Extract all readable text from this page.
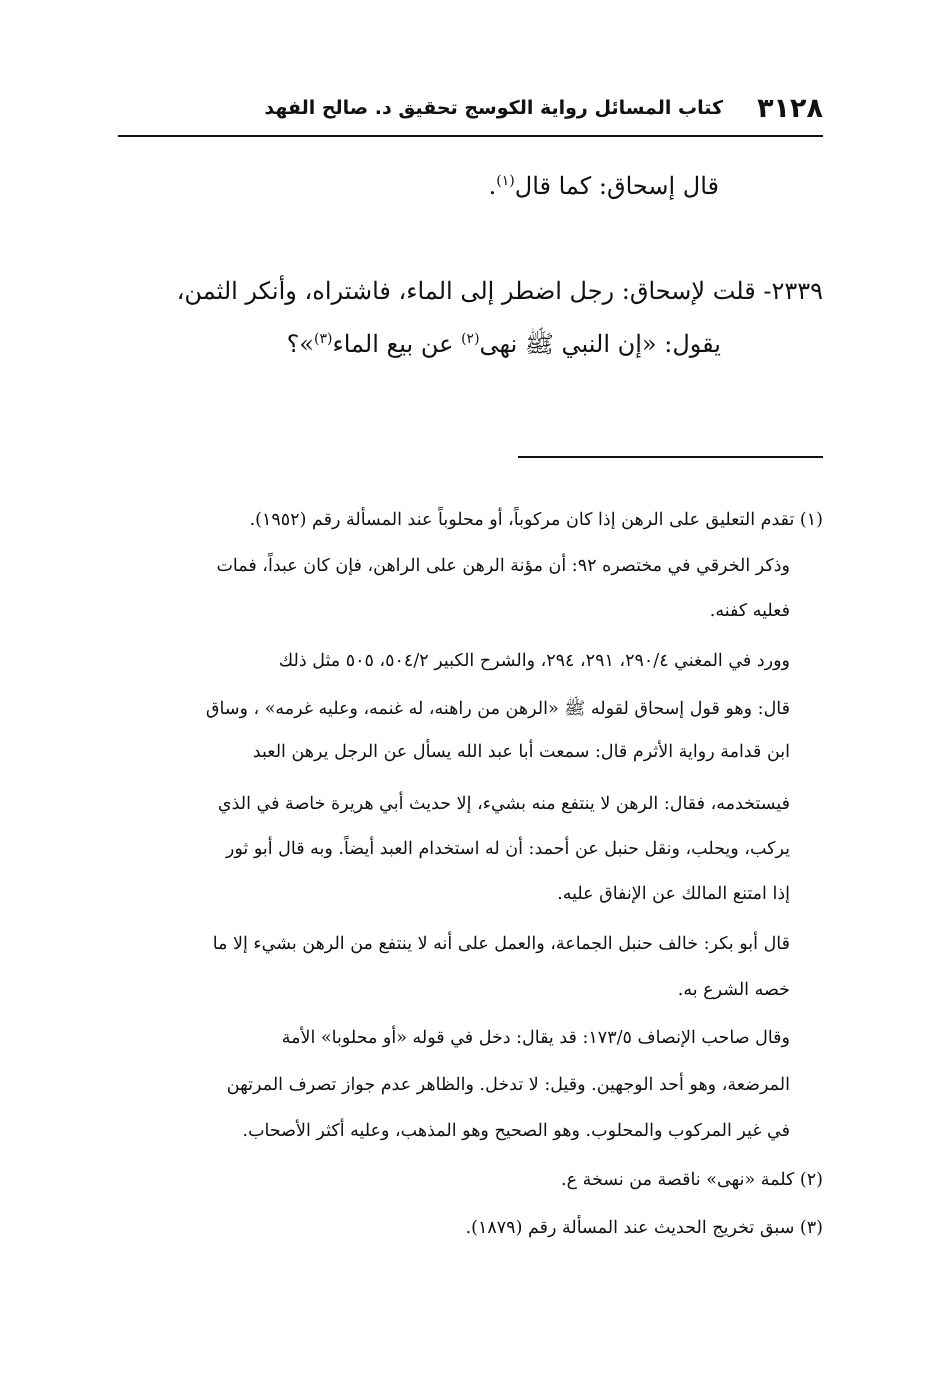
٣١٢٨
كتاب المسائل رواية الكوسج تحقيق د. صالح الفهد
قال إسحاق: كما قال$^{(١)}$.
٢٣٣٩- قلت لإسحاق: رجل اضطر إلى الماء، فاشتراه، وأنكر الثمن،
يقول: «إن النبي ﷺ نهى$^{(٢)}$ عن بيع الماء$^{(٣)}$»؟
(١) تقدم التعليق على الرهن إذا كان مركوباً، أو محلوباً عند المسألة رقم (١٩٥٢).
وذكر الخرقي في مختصره ٩٢: أن مؤنة الرهن على الراهن، فإن كان عبداً، فمات
فعليه كفنه.
وورد في المغني ٢٩٠/٤، ٢٩١، ٢٩٤، والشرح الكبير ٥٠٤/٢، ٥٠٥ مثل ذلك
قال: وهو قول إسحاق لقوله ﷺ «الرهن من راهنه، له غنمه، وعليه غرمه» ، وساق
ابن قدامة رواية الأثرم قال: سمعت أبا عبد الله يسأل عن الرجل يرهن العبد
فيستخدمه، فقال: الرهن لا ينتفع منه بشيء، إلا حديث أبي هريرة خاصة في الذي
يركب، ويحلب، ونقل حنبل عن أحمد: أن له استخدام العبد أيضاً. وبه قال أبو ثور
إذا امتنع المالك عن الإنفاق عليه.
قال أبو بكر: خالف حنبل الجماعة، والعمل على أنه لا ينتفع من الرهن بشيء إلا ما
خصه الشرع به.
وقال صاحب الإنصاف ١٧٣/٥: قد يقال: دخل في قوله «أو محلوبا» الأمة
المرضعة، وهو أحد الوجهين. وقيل: لا تدخل. والظاهر عدم جواز تصرف المرتهن
في غير المركوب والمحلوب. وهو الصحيح وهو المذهب، وعليه أكثر الأصحاب.
(٢) كلمة «نهى» ناقصة من نسخة ع.
(٣) سبق تخريج الحديث عند المسألة رقم (١٨٧٩).
